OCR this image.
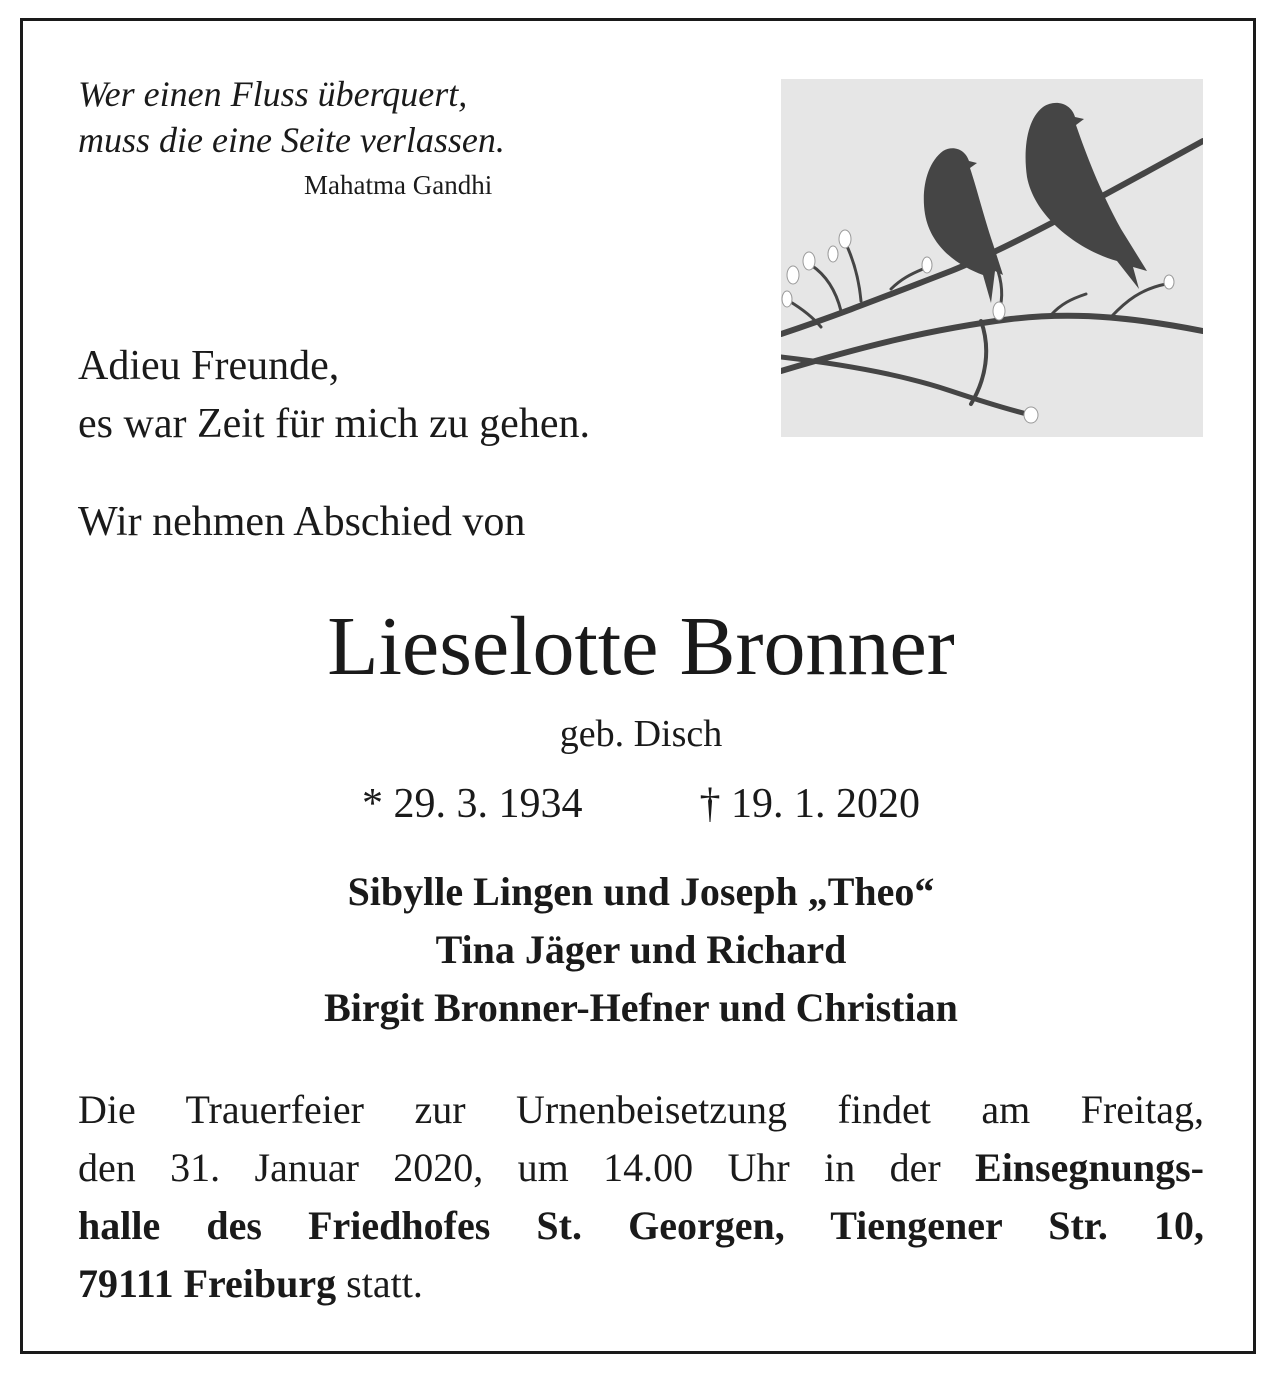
Wer einen Fluss überquert,
muss die eine Seite verlassen.
Mahatma Gandhi
Adieu Freunde,
es war Zeit für mich zu gehen.
Wir nehmen Abschied von
Lieselotte Bronner
geb. Disch
* 29. 3. 1934	† 19. 1. 2020
Sibylle Lingen und Joseph „Theo“
Tina Jäger und Richard
Birgit Bronner-Hefner und Christian
Die Trauerfeier zur Urnenbeisetzung findet am Freitag,
den 31. Januar 2020, um 14.00 Uhr in der Einsegnungs-
halle des Friedhofes St. Georgen, Tiengener Str. 10,
79111 Freiburg statt.
